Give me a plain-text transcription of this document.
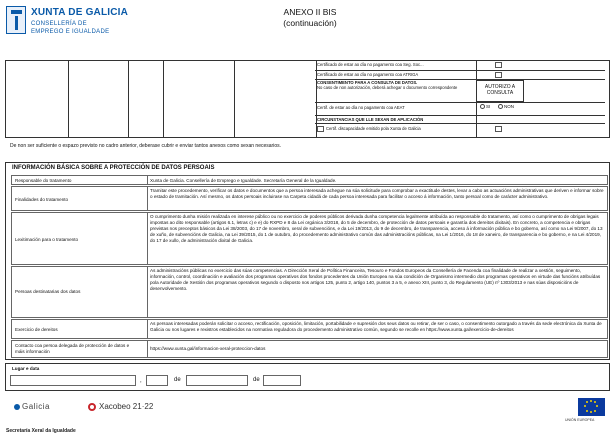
XUNTA DE GALICIA
CONSELLERÍA DE
EMPREGO E IGUALDADE
ANEXO II BIS
(continuación)
Certificado de estar ao día no pagamento coa Seg. Soc...
Certificado de estar ao día no pagamento coa ATRIGA
CONSENTIMENTO PARA A CONSULTA DE DATOS.
No caso de non autorización, deberá achegar o documento correspondente	AUTORIZO A CONSULTA
Certif. de estar ao día no pagamento coa AEAT	SI	NON
CIRCUNSTANCIAS QUE LLE SEXAN DE APLICACIÓN
Certif. discapacidade emitido pola Xunta de Galicia
De non ser suficiente o espazo previsto no cadro anterior, deberase cubrir e enviar tantos anexos como sexan necesarios.
INFORMACIÓN BÁSICA SOBRE A PROTECCIÓN DE DATOS PERSOAIS
Responsable do tratamento	Xunta de Galicia. Consellería de Emprego e Igualdade. Secretaría General de la Igualdade.
Finalidades do tratamento
Tramitar este procedemento, verificar os datos e documentos que a persoa interesada achegue na súa solicitude para comprobar a exactitude destes, levar a cabo as actuacións administrativas que deriven e informar sobre o estado de tramitación. Así mesmo, os datos persoais incluirase na Carpeta cidadá de cada persoa interesada para facilitar o acceso á información, tanto persoal como de carácter administrativo.
Lexitimación para o tratamento
O cumprimento dunha misión realizada en interese público ou no exercicio de poderes públicos derivada dunha competencia legalmente atribuída ao responsable do tratamento, así como o cumprimento de obrigas legais impostas ao dito responsable (artigos 6.1, letras c) e e) do RXPD e 8 da Lei orgánica 3/2018, do 5 de decembro, de protección de datos persoais e garantía dos dereitos dixitais). En concreto, a competencia e obrigas previstas nos preceptos básicos da Lei 38/2003, do 17 de novembro, xeral de subvencións, e da Lei 19/2013, do 9 de decembro, de transparencia, acceso á información pública e bo goberno, así como na Lei 9/2007, do 13 de xuño, de subvencións de Galicia, na Lei 39/2015, do 1 de outubro, do procedemento administrativo común das administracións públicas, na Lei 1/2016, do 18 de xaneiro, de transparencia e bo goberno, e na Lei 4/2019, do 17 de xullo, de administración dixital de Galicia.
Persoas destinatarias dos datos
As administracións públicas no exercicio das súas competencias. A Dirección Xeral de Política Financeira, Tesouro e Fondos Europeos da Consellería de Facenda coa finalidade de realizar a xestión, seguimento, información, control, coordinación e avaliación dos programas operativos dos fondos procedentes da Unión Europea na súa condición de Organismo intermedio dos programas operativos en virtude das funcións atribuídas pola Autoridade de Xestión dos programas operativos segundo o disposto nos artigos 125, punto 2, artigo 140, puntos 3 a 5, e anexo XIII, punto 3, do Regulamento (UE) nº 1303/2013 e nas súas disposicións de desenvolvemento.
Exercicio de dereitos
As persoas interesadas poderán solicitar o acceso, rectificación, oposición, limitación, portabilidade e supresión dos seus datos ou retirar, de ser o caso, o consentimento outorgado a través da sede electrónica da Xunta de Galicia ou nos lugares e rexistros establecidos na normativa reguladora do procedemento administrativo común, segundo se recolle en https://www.xunta.gal/exercicio-de-dereitos
Contacto coa persoa delegada de protección de datos e máis información
https://www.xunta.gal/informacion-xeral-proteccion-datos
Lugar e data
,	de	de
Galicia	Xacobeo 21·22
UNIÓN EUROPEA
Secretaría Xeral da Igualdade
